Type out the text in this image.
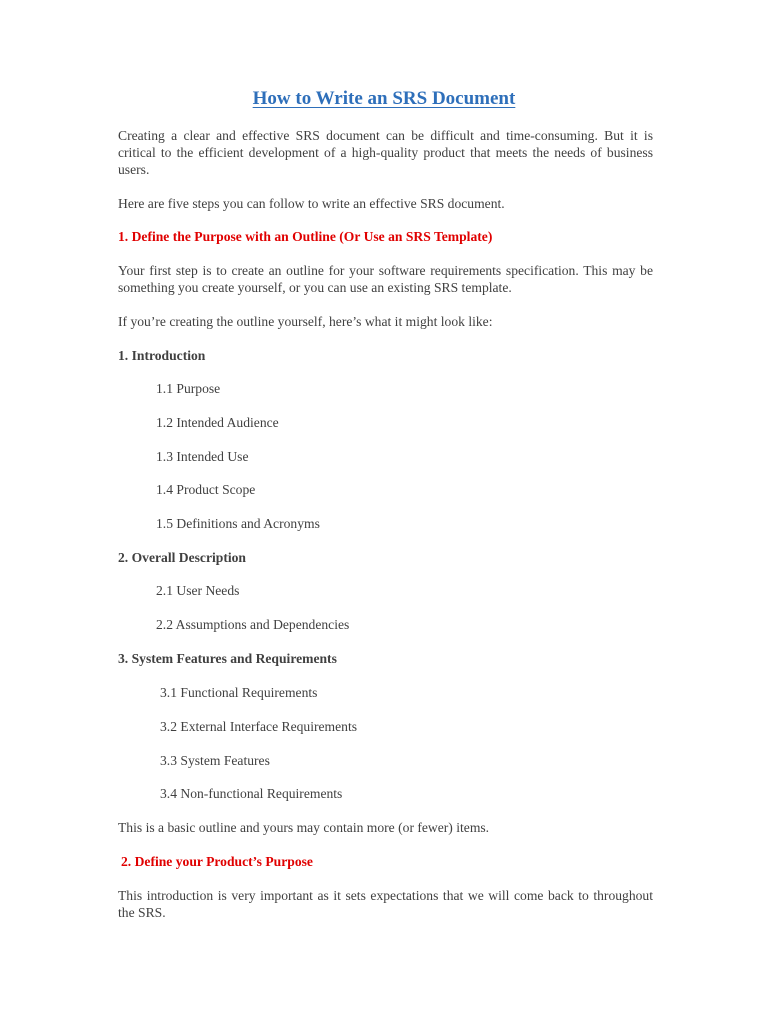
How to Write an SRS Document
Creating a clear and effective SRS document can be difficult and time-consuming. But it is critical to the efficient development of a high-quality product that meets the needs of business users.
Here are five steps you can follow to write an effective SRS document.
1. Define the Purpose with an Outline (Or Use an SRS Template)
Your first step is to create an outline for your software requirements specification. This may be something you create yourself, or you can use an existing SRS template.
If you’re creating the outline yourself, here’s what it might look like:
1. Introduction
1.1 Purpose
1.2 Intended Audience
1.3 Intended Use
1.4 Product Scope
1.5 Definitions and Acronyms
2. Overall Description
2.1 User Needs
2.2 Assumptions and Dependencies
3. System Features and Requirements
3.1 Functional Requirements
3.2 External Interface Requirements
3.3 System Features
3.4 Non-functional Requirements
This is a basic outline and yours may contain more (or fewer) items.
2. Define your Product’s Purpose
This introduction is very important as it sets expectations that we will come back to throughout the SRS.
